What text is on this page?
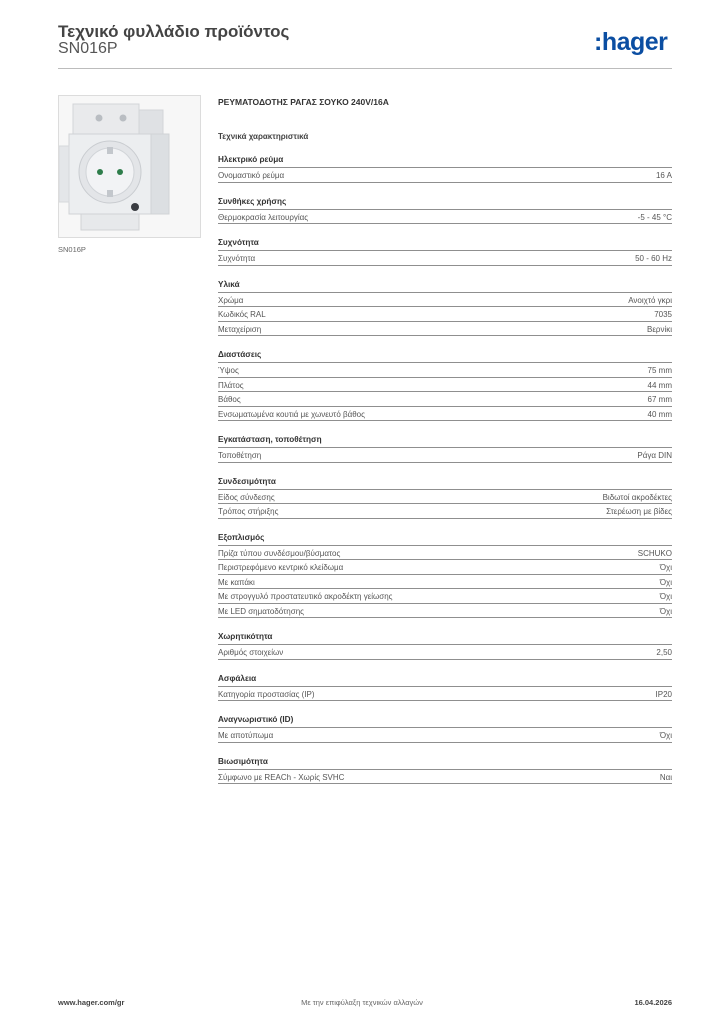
Τεχνικό φυλλάδιο προϊόντος
SN016P	:hager
SN016P
ΡΕΥΜΑΤΟΔΟΤΗΣ ΡΑΓΑΣ ΣΟΥΚΟ 240V/16A
Τεχνικά χαρακτηριστικά
Ηλεκτρικό ρεύμα
Ονομαστικό ρεύμα	16 A
Συνθήκες χρήσης
Θερμοκρασία λειτουργίας	-5 - 45 °C
Συχνότητα
Συχνότητα	50 - 60 Hz
Υλικά
Χρώμα	Ανοιχτό γκρι
Κωδικός RAL	7035
Μεταχείριση	Βερνίκι
Διαστάσεις
Ύψος	75 mm
Πλάτος	44 mm
Βάθος	67 mm
Ενσωματωμένα κουτιά με χωνευτό βάθος	40 mm
Εγκατάσταση, τοποθέτηση
Τοποθέτηση	Ράγα DIN
Συνδεσιμότητα
Είδος σύνδεσης	Βιδωτοί ακροδέκτες
Τρόπος στήριξης	Στερέωση με βίδες
Εξοπλισμός
Πρίζα τύπου συνδέσμου/βύσματος	SCHUKO
Περιστρεφόμενο κεντρικό κλείδωμα	Όχι
Με καπάκι	Όχι
Με στρογγυλό προστατευτικό ακροδέκτη γείωσης	Όχι
Με LED σηματοδότησης	Όχι
Χωρητικότητα
Αριθμός στοιχείων	2,50
Ασφάλεια
Κατηγορία προστασίας (IP)	IP20
Αναγνωριστικό (ID)
Με αποτύπωμα	Όχι
Βιωσιμότητα
Σύμφωνο με REACh - Χωρίς SVHC	Ναι
www.hager.com/gr	Με την επιφύλαξη τεχνικών αλλαγών	16.04.2026
